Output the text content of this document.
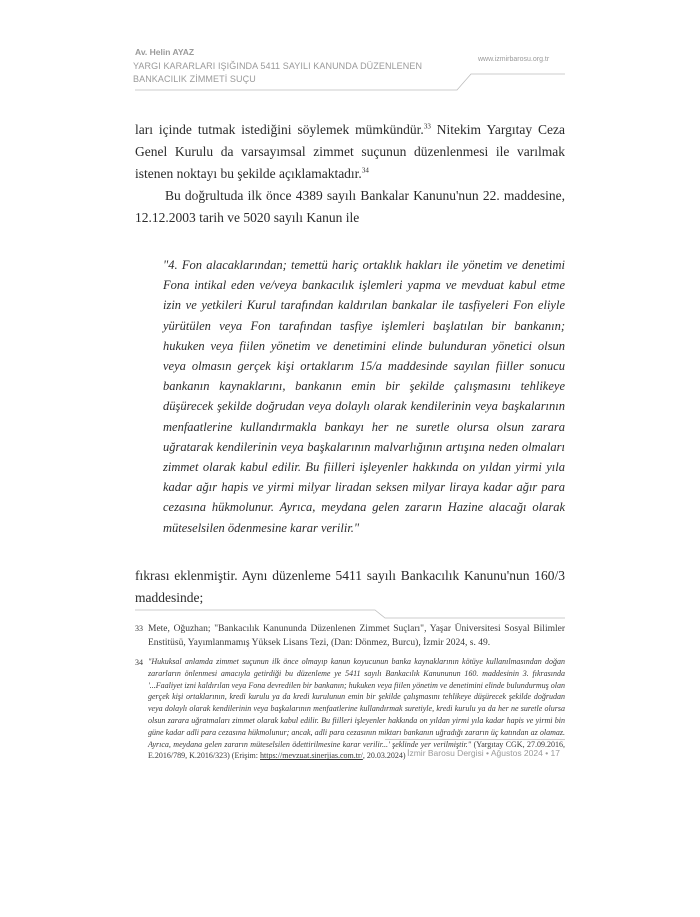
Av. Helin AYAZ
YARGI KARARLARI IŞIĞINDA 5411 SAYILI KANUNDA DÜZENLENEN BANKACILIK ZİMMETİ SUÇU
www.izmirbarosu.org.tr
ları içinde tutmak istediğini söylemek mümkündür.$^{33}$ Nitekim Yargıtay Ceza Genel Kurulu da varsayımsal zimmet suçunun düzenlenmesi ile varılmak istenen noktayı bu şekilde açıklamaktadır.$^{34}$
Bu doğrultuda ilk önce 4389 sayılı Bankalar Kanunu'nun 22. maddesine, 12.12.2003 tarih ve 5020 sayılı Kanun ile
"4. Fon alacaklarından; temettü hariç ortaklık hakları ile yönetim ve denetimi Fona intikal eden ve/veya bankacılık işlemleri yapma ve mevduat kabul etme izin ve yetkileri Kurul tarafından kaldırılan bankalar ile tasfiyeleri Fon eliyle yürütülen veya Fon tarafından tasfiye işlemleri başlatılan bir bankanın; hukuken veya fiilen yönetim ve denetimini elinde bulunduran yönetici olsun veya olmasın gerçek kişi ortaklarım 15/a maddesinde sayılan fiiller sonucu bankanın kaynaklarını, bankanın emin bir şekilde çalışmasını tehlikeye düşürecek şekilde doğrudan veya dolaylı olarak kendilerinin veya başkalarının menfaatlerine kullandırmakla bankayı her ne suretle olursa olsun zarara uğratarak kendilerinin veya başkalarının malvarlığının artışına neden olmaları zimmet olarak kabul edilir. Bu fiilleri işleyenler hakkında on yıldan yirmi yıla kadar ağır hapis ve yirmi milyar liradan seksen milyar liraya kadar ağır para cezasına hükmolunur. Ayrıca, meydana gelen zararın Hazine alacağı olarak müteselsilen ödenmesine karar verilir."
fıkrası eklenmiştir. Aynı düzenleme 5411 sayılı Bankacılık Kanunu'nun 160/3 maddesinde;
33 Mete, Oğuzhan; "Bankacılık Kanununda Düzenlenen Zimmet Suçları", Yaşar Üniversitesi Sosyal Bilimler Enstitüsü, Yayımlanmamış Yüksek Lisans Tezi, (Dan: Dönmez, Burcu), İzmir 2024, s. 49.
34 "Hukuksal anlamda zimmet suçunun ilk önce olmayıp kanun koyucunun banka kaynaklarının kötüye kullanılmasından doğan zararların önlenmesi amacıyla getirdiği bu düzenleme ye 5411 sayılı Bankacılık Kanununun 160. maddesinin 3. fıkrasında '...Faaliyet izni kaldırılan veya Fona devredilen bir bankanın; hukuken veya fiilen yönetim ve denetimini elinde bulundurmuş olan gerçek kişi ortaklarının, kredi kurulu ya da kredi kurulunun emin bir şekilde çalışmasını tehlikeye düşürecek şekilde doğrudan veya dolaylı olarak kendilerinin veya başkalarının menfaatlerine kullandırmak suretiyle, kredi kurulu ya da her ne suretle olursa olsun zarara uğratmaları zimmet olarak kabul edilir. Bu fiilleri işleyenler hakkında on yıldan yirmi yıla kadar hapis ve yirmi bin güne kadar adli para cezasına hükmolunur; ancak, adli para cezasının miktarı bankanın uğradığı zararın üç katından az olamaz. Ayrıca, meydana gelen zararın müteselsilen ödettirilmesine karar verilir...' şeklinde yer verilmiştir." (Yargıtay CGK, 27.09.2016, E.2016/789, K.2016/323) (Erişim: https://mevzuat.sinerjias.com.tr/, 20.03.2024) İzmir Barosu Dergisi • Ağustos 2024 • 17
